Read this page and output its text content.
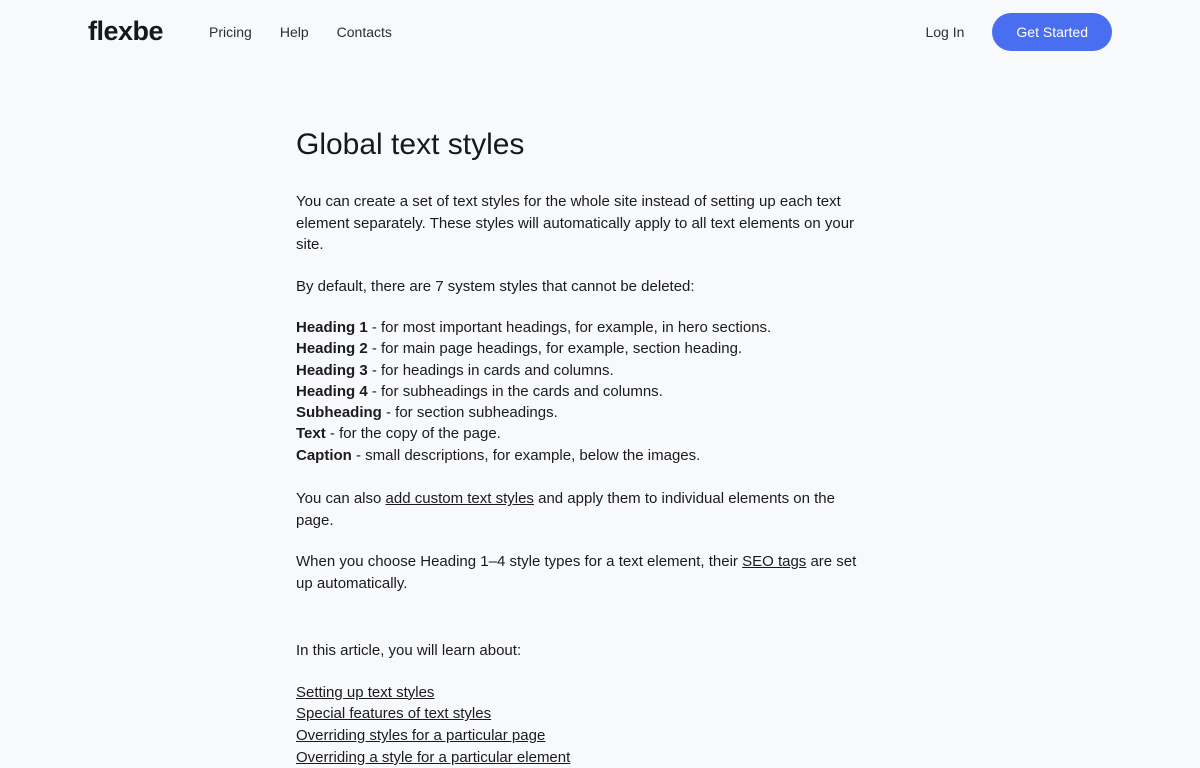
flexbe	Pricing Help Contacts	Log In	Get Started
Global text styles

You can create a set of text styles for the whole site instead of setting up each text element separately. These styles will automatically apply to all text elements on your site.

By default, there are 7 system styles that cannot be deleted:

Heading 1 - for most important headings, for example, in hero sections.
Heading 2 - for main page headings, for example, section heading.
Heading 3 - for headings in cards and columns.
Heading 4 - for subheadings in the cards and columns.
Subheading - for section subheadings.
Text - for the copy of the page.
Caption - small descriptions, for example, below the images.

You can also add custom text styles and apply them to individual elements on the page.

When you choose Heading 1–4 style types for a text element, their SEO tags are set up automatically.

In this article, you will learn about:

Setting up text styles
Special features of text styles
Overriding styles for a particular page
Overriding a style for a particular element
